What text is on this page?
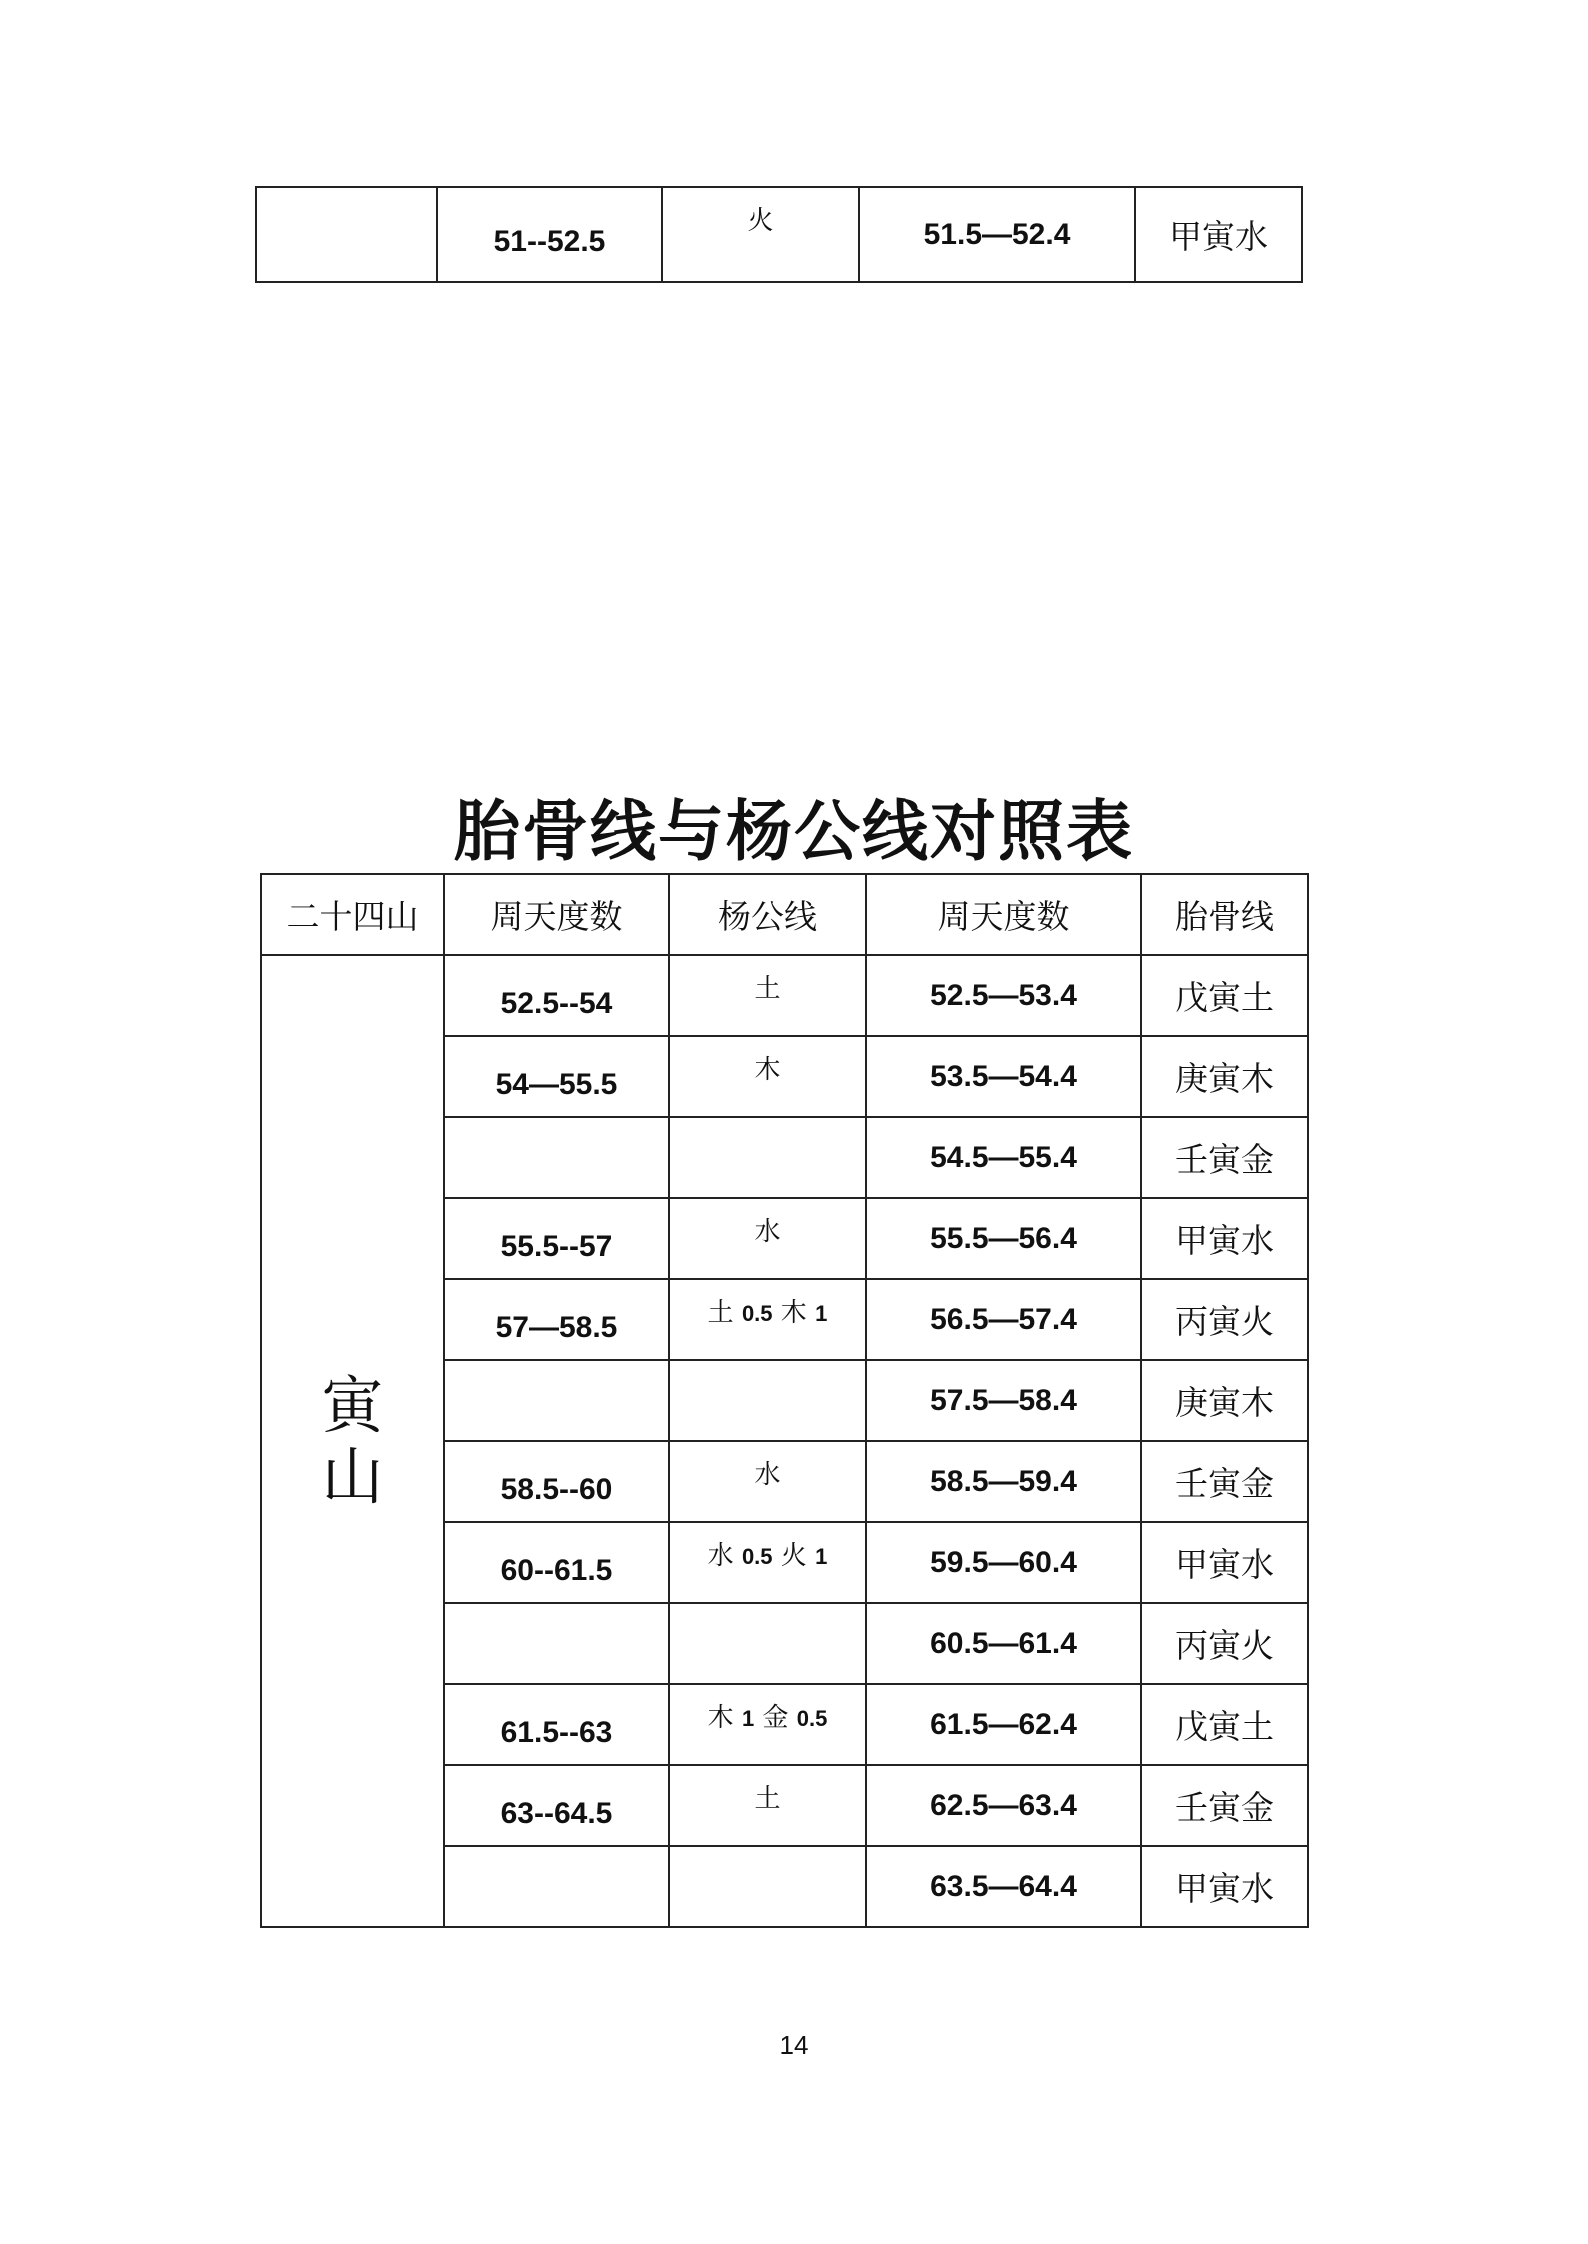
	51--52.5	火	51.5—52.4	甲寅水
胎骨线与杨公线对照表
二十四山	周天度数	杨公线	周天度数	胎骨线

寅
山	52.5--54	土	52.5—53.4	戊寅土
	54—55.5	木	53.5—54.4	庚寅木
			54.5—55.4	壬寅金
	55.5--57	水	55.5—56.4	甲寅水
	57—58.5	土 0.5 木 1	56.5—57.4	丙寅火
			57.5—58.4	庚寅木
	58.5--60	水	58.5—59.4	壬寅金
	60--61.5	水 0.5 火 1	59.5—60.4	甲寅水
			60.5—61.4	丙寅火
	61.5--63	木 1 金 0.5	61.5—62.4	戊寅土
	63--64.5	土	62.5—63.4	壬寅金
			63.5—64.4	甲寅水
14
